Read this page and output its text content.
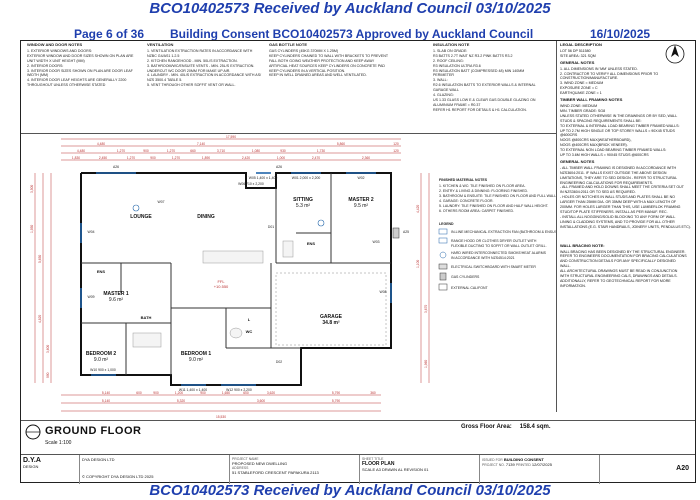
BCO10402573 Received by Auckland Council 03/10/2025
Page 6 of 36 Building Consent BCO10402573 Approved by Auckland Council	16/10/2025
WINDOW AND DOOR NOTES
1. EXTERIOR WINDOWS AND DOORS:
EXTERIOR WINDOW AND DOOR SIZES SHOWN ON PLAN ARE
UNIT WIDTH X UNIT HEIGHT (MM)
2. INTERIOR DOORS:
3. INTERIOR DOOR SIZES SHOWN ON PLAN ARE DOOR LEAF
WIDTH (MM)
4. INTERIOR DOOR LEAF HEIGHTS ARE GENERALLY 2200
THROUGHOUT UNLESS OTHERWISE STATED
VENTILATION
1. VENTILATION EXTRACTION RATES IN ACCORDANCE WITH
NZBC G4/AS1 1.2.5
2. KITCHEN RANGEHOOD - MIN. 50L/S EXTRACTION.
3. BATHROOM/WC/ENSUITE VENTS - MIN. 25L/S EXTRACTION.
UNDERCUT WC DOOR 20MM FOR MAKE UP AIR.
4. LAUNDRY - MIN. 40L/S EXTRACTION IN ACCORDANCE WITH AS/
NZS 3500.4 TABLE 5.
5. VENT THROUGH OTHER SOFFIT VENT OR WALL.
GAS BOTTLE NOTE
GAS CYLINDERS (45KG 370MM X 1.25M)
KEEP CYLINDERS CHAINED TO WALL WITH BRACKETS TO PREVENT
FALL BOTH GOING WEATHER PROTECTION AND KEEP AWAY
ARTIFICIAL HEAT SOURCES KEEP CYLINDERS ON CONCRETE PAD
KEEP CYLINDERS IN A VERTICAL POSITION.
KEEP IN WELL DRAINED AREAS AND WELL VENTILATED.
INSULATION NOTE
1. SLAB ON GRADE:
R3 BATTS 2.7T WAIT NZ R3.2 PINK BATTS R3.2
2. ROOF CEILING:
R3 INSULATION ULTRA R3.6
R3 INSULATION BATT (COMPRESSED 48) MIN 140MM
PERIMETER
3. WALL:
R2.6 INSULATION BATTS TO EXTERIOR WALLS & INTERNAL
GARAGE WALL
4. GLAZING:
US 1.33 GLASS LOW E & CLEAR GAS DOUBLE GLAZING ON
ALUMINIUM FRAME = R0.37
REFER H1 REPORT FOR DETAILS & H1 CALCULATION.
LEGAL DESCRIPTION
LOT 56 DP 511580
SITE AREA: 321 SQM
GENERAL NOTES
1. ALL DIMENSIONS IN 'MM' UNLESS STATED.
2. CONTRACTOR TO VERIFY ALL DIMENSIONS PRIOR TO
CONSTRUCTION/MANUFACTURE.
3. WIND ZONE = MEDIUM
EXPOSURE ZONE = C
EARTHQUAKE ZONE = 1
TIMBER WALL FRAMING NOTES
WIND ZONE: MEDIUM
MIN. TIMBER GRADE: SG8
UNLESS STATED OTHERWISE IN THE DRAWINGS OR BY SED, WALL
STUDS & SPACING REQUIREMENTS SHALL BE:
TO EXTERNAL & INTERNAL LOAD BEARING TIMBER FRAMED WALLS:
UP TO 2.7M HIGH SINGLE OR TOP STOREY WALLS = 90X45 STUDS
@600CRS
NOGS @800CRS MAX(WEATHERBOARD),
NOGS @400CRS MAX(BRICK VENEER).
TO EXTERNAL NON LOAD BEARING TIMBER FRAMED WALLS:
UP TO 3.6M HIGH WALLS = 90X45 STUDS @600CRS
GENERAL NOTES
- ALL TIMBER WALL FRAMING IS DESIGNED IN ACCORDANCE WITH
NZS3604:2011. IF WALLS EXIST OUTSIDE THE ABOVE DESIGN
LIMITATIONS, THEY ARE TO SED DESIGN - REFER TO STRUCTURAL
ENGINEERING CALCULATIONS FOR REQUIREMENTS.
- ALL FRAMED AND HOLD DOWNS SHALL MEET THE CRITERIA SET OUT
IN NZS3604:2011 OR TO SED AS REQUIRED.
- HOLES OR NOTCHES IN WALL STUDS AND PLATES SHALL BE NO
LARGER THAN 25MM DIA. OR 35MM DEEP WITH A MAX LENGTH OF
200MM. FOR HOLES LARGER THAN THIS, USE LUMBERLOK FRAMING
STUD/TOP PLATE STIFFENERS. INSTALL AS PER MANUF. REC.
- INSTALL ALL NOGGING/SOLID BLOCKING TO ANY FORM OF WALL
LINING & CLADDING SYSTEMS, AND TO PROVIDE FOR ALL OTHER
INSTALLATIONS (E.G. STAIR HANDRAILS, JOINERY UNITS, PENDULUS ETC).
WALL BRACING NOTE:
WALL BRACING HAS BEEN DESIGNED BY THE STRUCTURAL ENGINEER.
REFER TO ENGINEERS DOCUMENTATION FOR BRACING CALCULATIONS
AND CONSTRUCTION DETAILS FOR ANY SPECIFICALLY DESIGNED
WALL.
ALL ARCHITECTURAL DRAWINGS MUST BE READ IN CONJUNCTION
WITH STRUCTURAL ENGINEERING CALS, DRAWINGS AND DETAILS.
ADDITIONALLY, REFER TO GEOTECHNICAL REPORT FOR MORE
INFORMATION.
LOUNGE	DINING
SITTING
5.3 m²
MASTER 2
9.5 m²
MASTER 1
9.6 m²
BEDROOM 2
9.0 m²
BEDROOM 1
9.0 m²
GARAGE
34.8 m²
ENS
ENS
BATH
WC
L
FFL
+10.550
A26
W05 1,400 x 1,400	W01 2,000 x 2,200	W02
W04
W09
W10 900 x 1,000
W11 1,400 x 1,400	W12 900 x 2,200
W08
W07
D01
D02
W03
W06 710 x 2,200
A26
A25
17,590
4,480	7,140	5,860	120
4,480	1,270	900	1,270	660	3,710	1,080	930	1,730	120
1,830	2,450	1,270	900	1,270	1,890	2,420	1,000	2,470	2,360
5,140	600	900	1,200	900	1,650	600	3,620	5,790	360
5,140	5,320	3,600	5,790
15,530
3,500
1,950
5,650
4,820
3,600
990
4,420
1,100
3,670
1,960
FINISHED MATERIAL NOTES
1. KITCHEN & WC: TILE FINISHED ON FLOOR AREA.
2. ENTRY & LIVING & DINNING: FLOORING FINISHED.
3. BATHROOM & ENSUITE: TILE FINISHED ON FLOOR AND FULL WALL.
4. GARAGE: CONCRETE FLOOR.
5. LAUNDRY: TILE FINISHED ON FLOOR AND HALF WALL HEIGHT.
6. OTHERS ROOM AREA: CARPET FINISHED.
LEGEND
IN-LINE MECHANICAL EXTRACTION FAN (BATHROOM & ENSUITE).
RANGE HOOD OR CLOTHES DRYER OUTLET WITH
FLEXIBLE DUCTING TO SOFFIT OR WALL OUTLET GRILL.
HARD WIRED INTERCONNECTED SMOKE/HEAT ALARMS
IN ACCORDANCE WITH NZS4514:2021
ELECTRICAL SWITCHBOARD WITH SMART METER
GAS CYLINDERS
EXTERNAL CALIFONT
GROUND FLOOR
Scale 1:100
Gross Floor Area: 158.4 sqm.
D.Y.A
DESIGN
DYA DESIGN LTD
© COPYRIGHT DYA DESIGN LTD 2025
PROJECT NAME
PROPOSED NEW DWELLING
ADDRESS
51 STABLEFORD CRESCENT PAPAKURA 2113
SHEET TITLE
FLOOR PLAN
SCALE A3 DRAWN AL REVISION 01
ISSUED FOR BUILDING CONSENT
PROJECT NO. 7139 PRINTED 12/07/2025
A20
BCO10402573 Received by Auckland Council 03/10/2025
